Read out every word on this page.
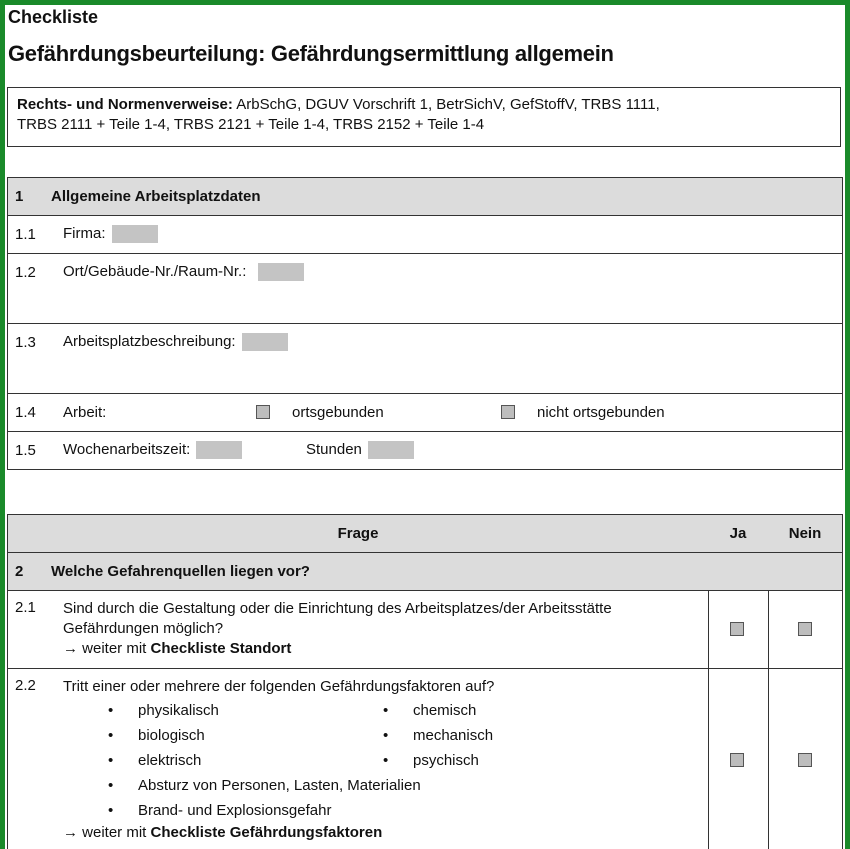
Checkliste
Gefährdungsbeurteilung: Gefährdungsermittlung allgemein
Rechts- und Normenverweise: ArbSchG, DGUV Vorschrift 1, BetrSichV, GefStoffV, TRBS 1111,
TRBS 2111 + Teile 1-4, TRBS 2121 + Teile 1-4, TRBS 2152 + Teile 1-4
1 Allgemeine Arbeitsplatzdaten
1.1 Firma:
1.2 Ort/Gebäude-Nr./Raum-Nr.:
1.3 Arbeitsplatzbeschreibung:
1.4 Arbeit:	ortsgebunden	nicht ortsgebunden
1.5 Wochenarbeitszeit:	Stunden
Frage	Ja	Nein
2 Welche Gefahrenquellen liegen vor?
2.1 Sind durch die Gestaltung oder die Einrichtung des Arbeitsplatzes/der Arbeitsstätte
Gefährdungen möglich?
→ weiter mit Checkliste Standort
2.2 Tritt einer oder mehrere der folgenden Gefährdungsfaktoren auf?
• physikalisch	• chemisch
• biologisch	• mechanisch
• elektrisch	• psychisch
• Absturz von Personen, Lasten, Materialien
• Brand- und Explosionsgefahr
→ weiter mit Checkliste Gefährdungsfaktoren
